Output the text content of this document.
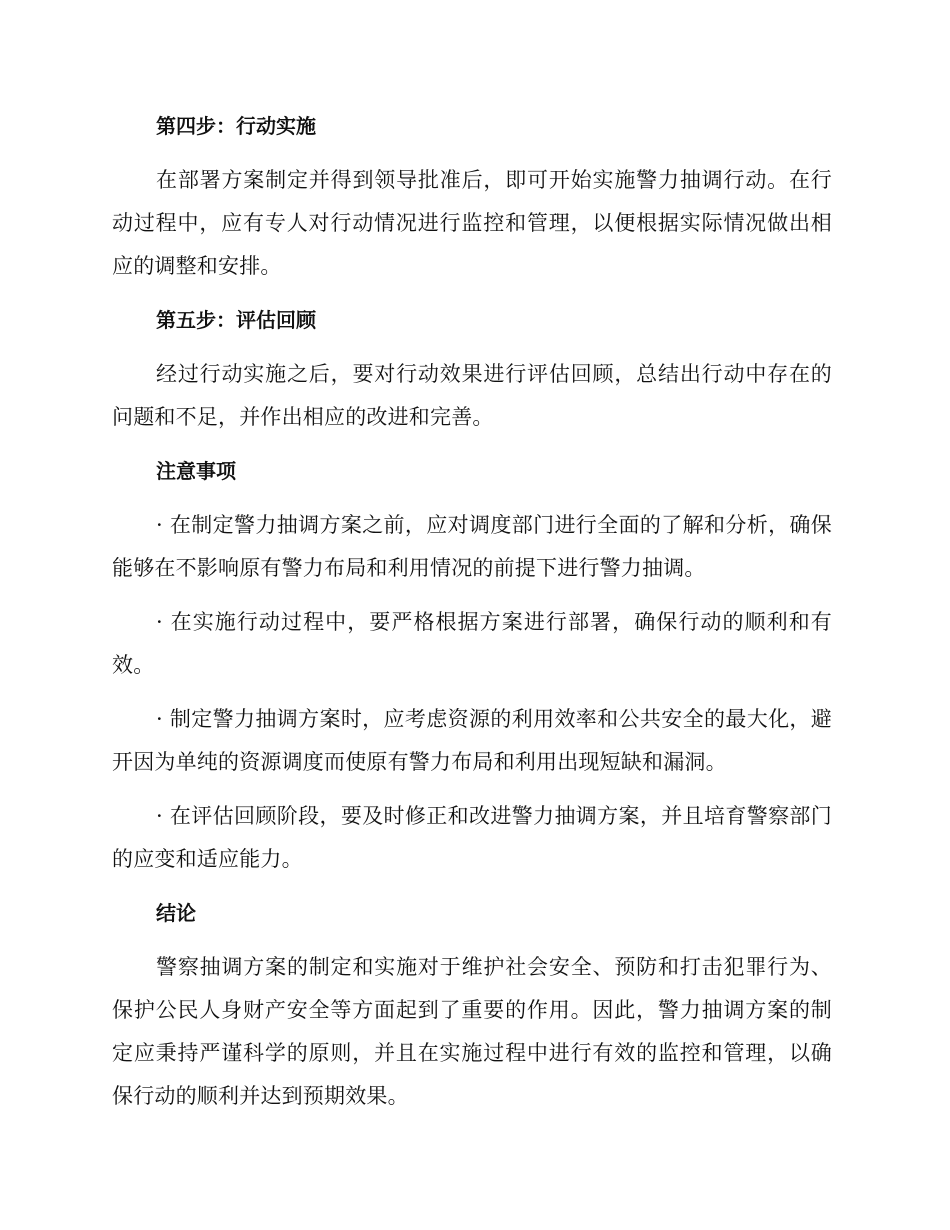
第四步：行动实施

在部署方案制定并得到领导批准后，即可开始实施警力抽调行动。在行动过程中，应有专人对行动情况进行监控和管理，以便根据实际情况做出相应的调整和安排。

第五步：评估回顾

经过行动实施之后，要对行动效果进行评估回顾，总结出行动中存在的问题和不足，并作出相应的改进和完善。

注意事项

· 在制定警力抽调方案之前，应对调度部门进行全面的了解和分析，确保能够在不影响原有警力布局和利用情况的前提下进行警力抽调。

· 在实施行动过程中，要严格根据方案进行部署，确保行动的顺利和有效。

· 制定警力抽调方案时，应考虑资源的利用效率和公共安全的最大化，避开因为单纯的资源调度而使原有警力布局和利用出现短缺和漏洞。

· 在评估回顾阶段，要及时修正和改进警力抽调方案，并且培育警察部门的应变和适应能力。

结论

警察抽调方案的制定和实施对于维护社会安全、预防和打击犯罪行为、保护公民人身财产安全等方面起到了重要的作用。因此，警力抽调方案的制定应秉持严谨科学的原则，并且在实施过程中进行有效的监控和管理，以确保行动的顺利并达到预期效果。
